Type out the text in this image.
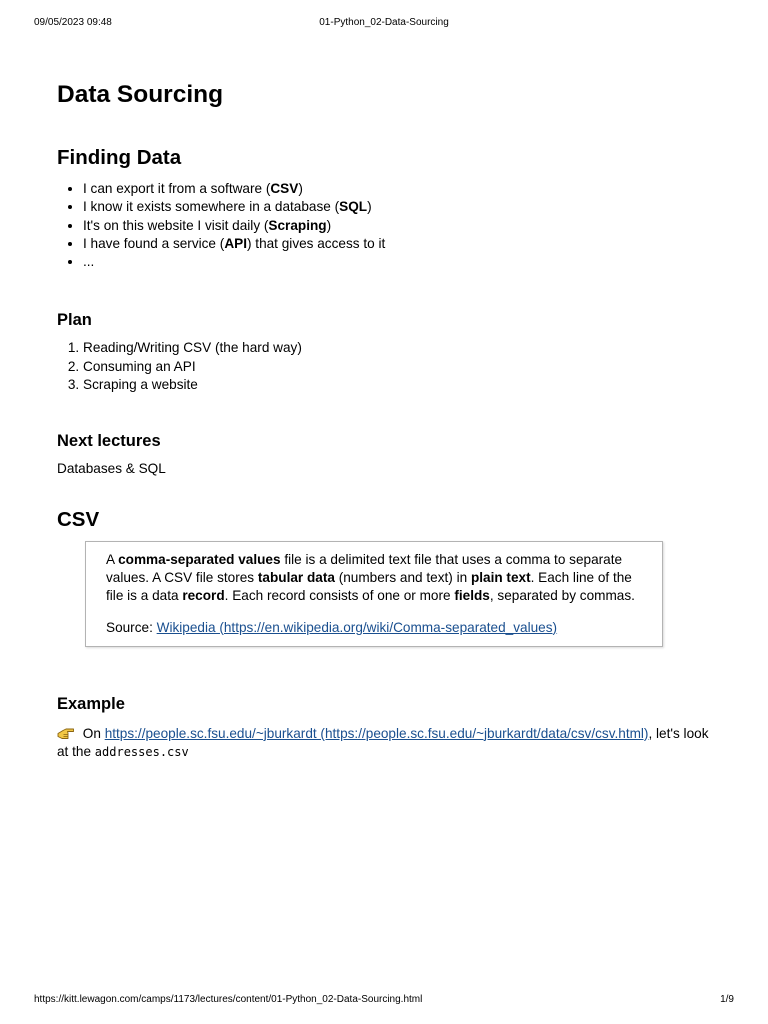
09/05/2023 09:48	01-Python_02-Data-Sourcing
Data Sourcing
Finding Data
• I can export it from a software (CSV)
• I know it exists somewhere in a database (SQL)
• It's on this website I visit daily (Scraping)
• I have found a service (API) that gives access to it
• ...
Plan
1. Reading/Writing CSV (the hard way)
2. Consuming an API
3. Scraping a website
Next lectures

Databases & SQL

CSV

A comma-separated values file is a delimited text file that uses a comma to separate values. A CSV file stores tabular data (numbers and text) in plain text. Each line of the file is a data record. Each record consists of one or more fields, separated by commas.

Source: Wikipedia (https://en.wikipedia.org/wiki/Comma-separated_values)

Example

On https://people.sc.fsu.edu/~jburkardt (https://people.sc.fsu.edu/~jburkardt/data/csv/csv.html), let's look at the addresses.csv

https://kitt.lewagon.com/camps/1173/lectures/content/01-Python_02-Data-Sourcing.html	1/9
